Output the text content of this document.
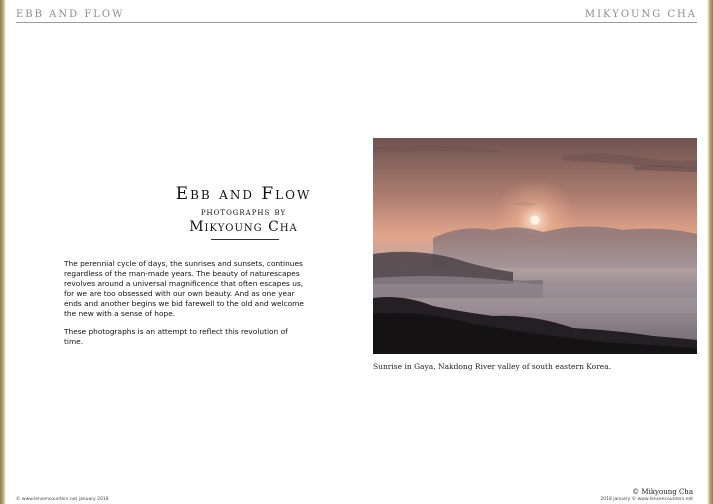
EBB AND FLOW	MIKYOUNG CHA
Ebb and Flow
photographs by
Mikyoung Cha

The perennial cycle of days, the sunrises and sunsets, continues regardless of the man-made years. The beauty of naturescapes revolves around a universal magnificence that often escapes us, for we are too obsessed with our own beauty. And as one year ends and another begins we bid farewell to the old and welcome the new with a sense of hope.

These photographs is an attempt to reflect this revolution of time.

Sunrise in Gaya, Nakdong River valley of south eastern Korea.
© Mikyoung Cha
© www.lensencounters.net january 2018	2018 january © www.lensencounters.net
